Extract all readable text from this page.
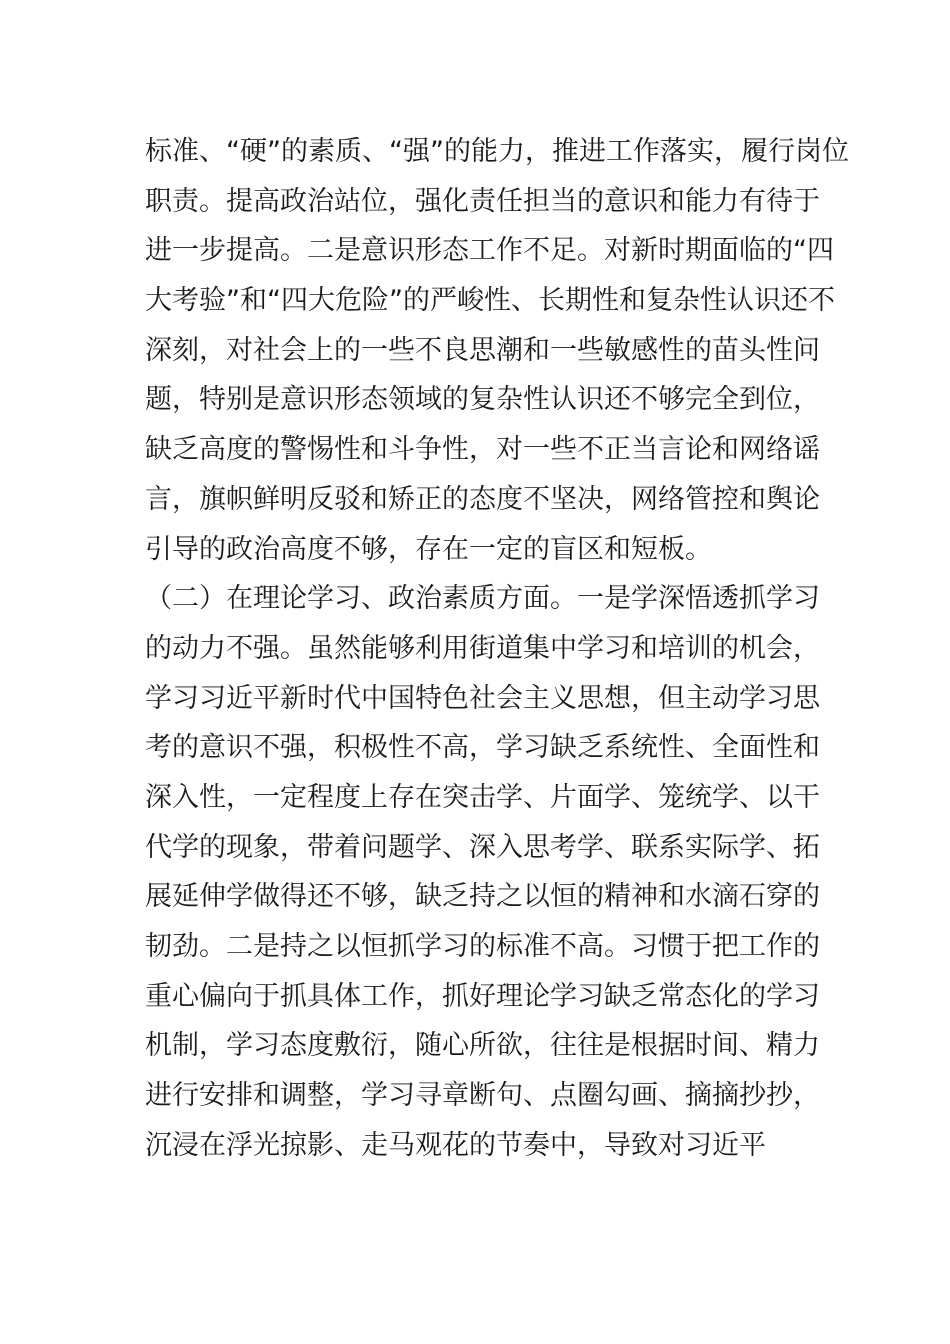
标准、“硬”的素质、“强”的能力，推进工作落实，履行岗位
职责。提高政治站位，强化责任担当的意识和能力有待于
进一步提高。二是意识形态工作不足。对新时期面临的“四
大考验”和“四大危险”的严峻性、长期性和复杂性认识还不
深刻，对社会上的一些不良思潮和一些敏感性的苗头性问
题，特别是意识形态领域的复杂性认识还不够完全到位，
缺乏高度的警惕性和斗争性，对一些不正当言论和网络谣
言，旗帜鲜明反驳和矫正的态度不坚决，网络管控和舆论
引导的政治高度不够，存在一定的盲区和短板。
（二）在理论学习、政治素质方面。一是学深悟透抓学习
的动力不强。虽然能够利用街道集中学习和培训的机会，
学习习近平新时代中国特色社会主义思想，但主动学习思
考的意识不强，积极性不高，学习缺乏系统性、全面性和
深入性，一定程度上存在突击学、片面学、笼统学、以干
代学的现象，带着问题学、深入思考学、联系实际学、拓
展延伸学做得还不够，缺乏持之以恒的精神和水滴石穿的
韧劲。二是持之以恒抓学习的标准不高。习惯于把工作的
重心偏向于抓具体工作，抓好理论学习缺乏常态化的学习
机制，学习态度敷衍，随心所欲，往往是根据时间、精力
进行安排和调整，学习寻章断句、点圈勾画、摘摘抄抄，
沉浸在浮光掠影、走马观花的节奏中，导致对习近平
